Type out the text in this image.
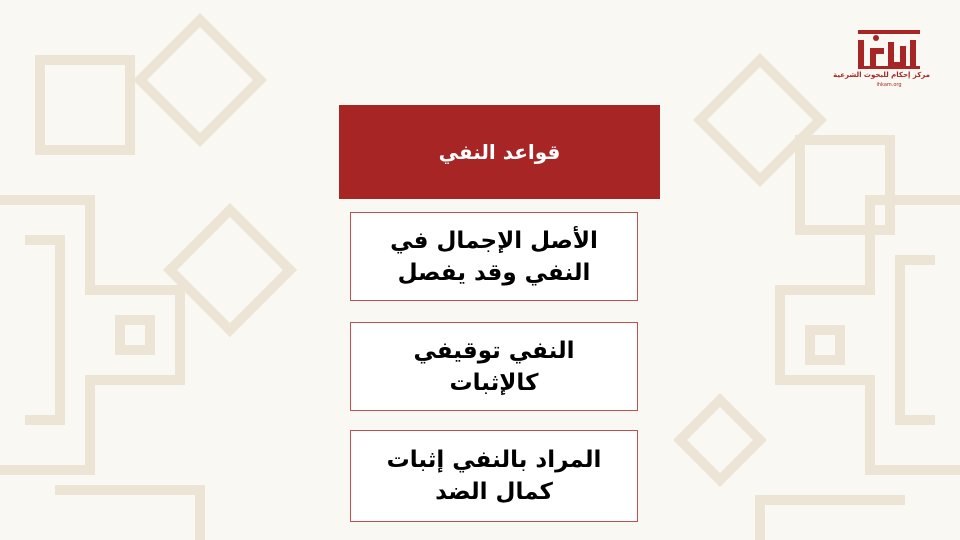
مركز إحكام للبحوث الشرعية
ihkam.org
قواعد النفي
الأصل الإجمال في النفي وقد يفصل
النفي توقيفي كالإثبات
المراد بالنفي إثبات كمال الضد
